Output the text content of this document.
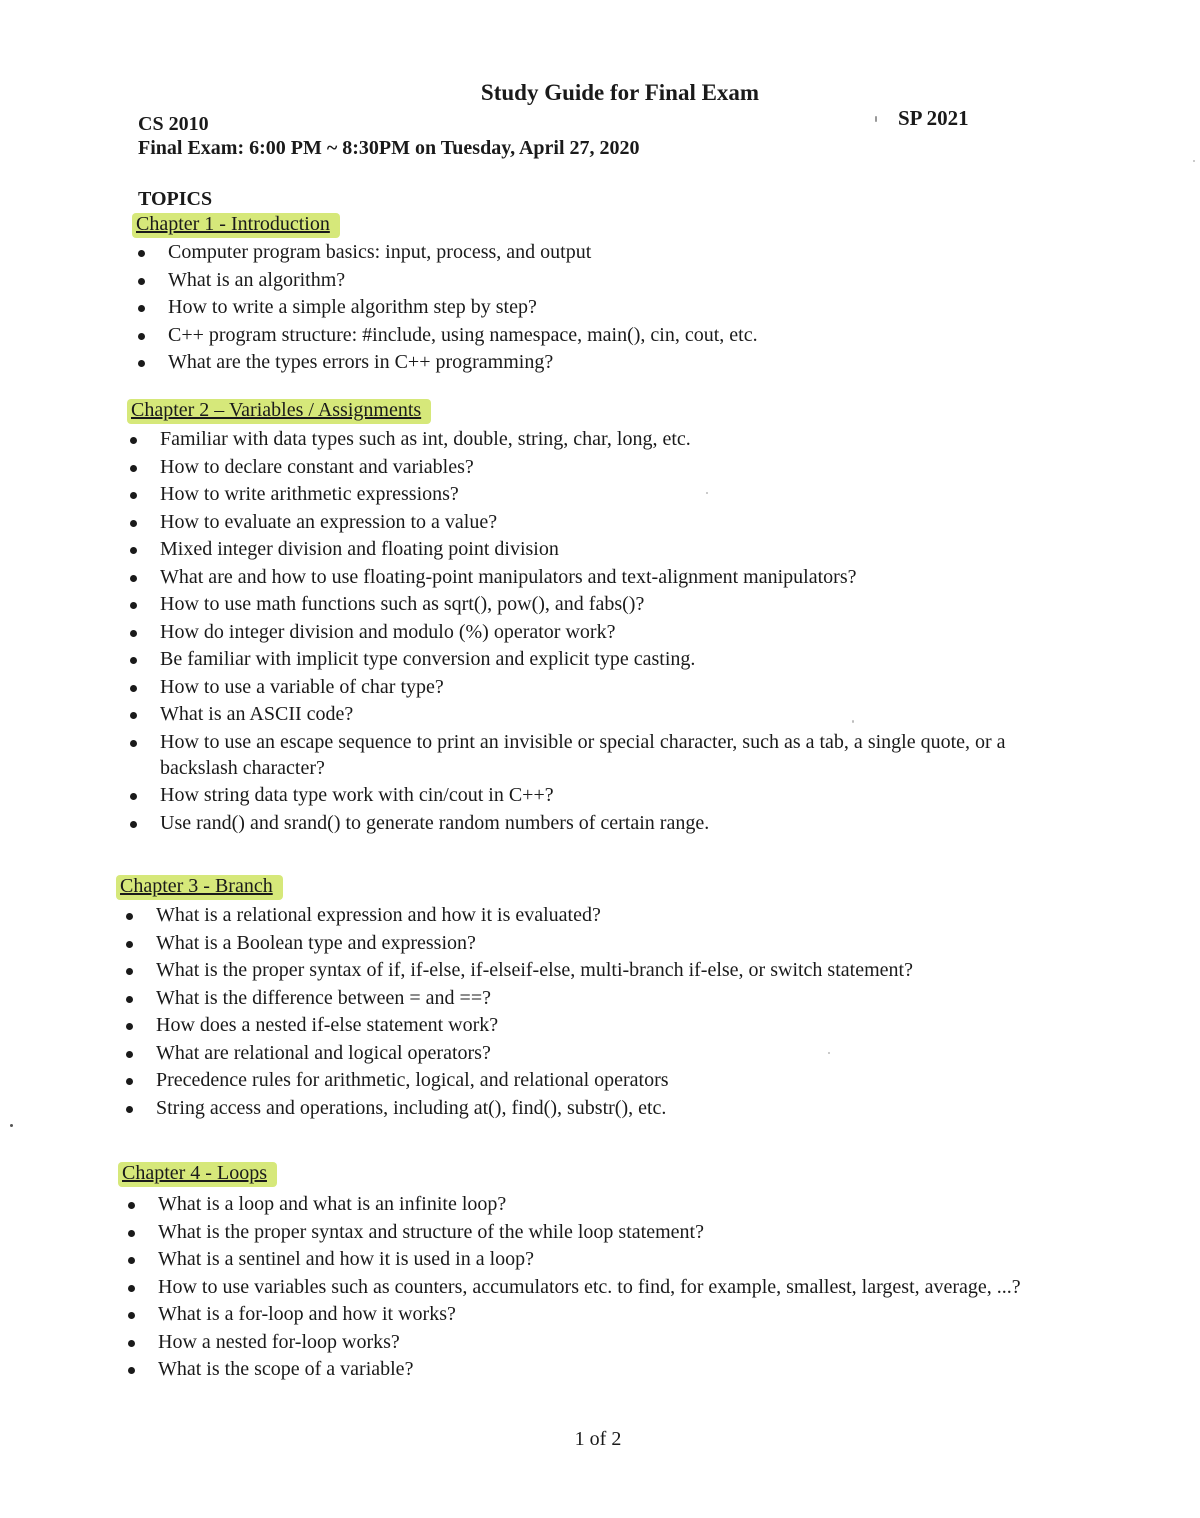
Study Guide for Final Exam
SP 2021
CS 2010
Final Exam: 6:00 PM ~ 8:30PM on Tuesday, April 27, 2020
TOPICS
Chapter 1 - Introduction
Computer program basics: input, process, and output
What is an algorithm?
How to write a simple algorithm step by step?
C++ program structure: #include, using namespace, main(), cin, cout, etc.
What are the types errors in C++ programming?
Chapter 2 – Variables / Assignments
Familiar with data types such as int, double, string, char, long, etc.
How to declare constant and variables?
How to write arithmetic expressions?
How to evaluate an expression to a value?
Mixed integer division and floating point division
What are and how to use floating-point manipulators and text-alignment manipulators?
How to use math functions such as sqrt(), pow(), and fabs()?
How do integer division and modulo (%) operator work?
Be familiar with implicit type conversion and explicit type casting.
How to use a variable of char type?
What is an ASCII code?
How to use an escape sequence to print an invisible or special character, such as a tab, a single quote, or a backslash character?
How string data type work with cin/cout in C++?
Use rand() and srand() to generate random numbers of certain range.
Chapter 3 - Branch
What is a relational expression and how it is evaluated?
What is a Boolean type and expression?
What is the proper syntax of if, if-else, if-elseif-else, multi-branch if-else, or switch statement?
What is the difference between = and ==?
How does a nested if-else statement work?
What are relational and logical operators?
Precedence rules for arithmetic, logical, and relational operators
String access and operations, including at(), find(), substr(), etc.
Chapter 4 - Loops
What is a loop and what is an infinite loop?
What is the proper syntax and structure of the while loop statement?
What is a sentinel and how it is used in a loop?
How to use variables such as counters, accumulators etc. to find, for example, smallest, largest, average, ...?
What is a for-loop and how it works?
How a nested for-loop works?
What is the scope of a variable?
1 of 2
